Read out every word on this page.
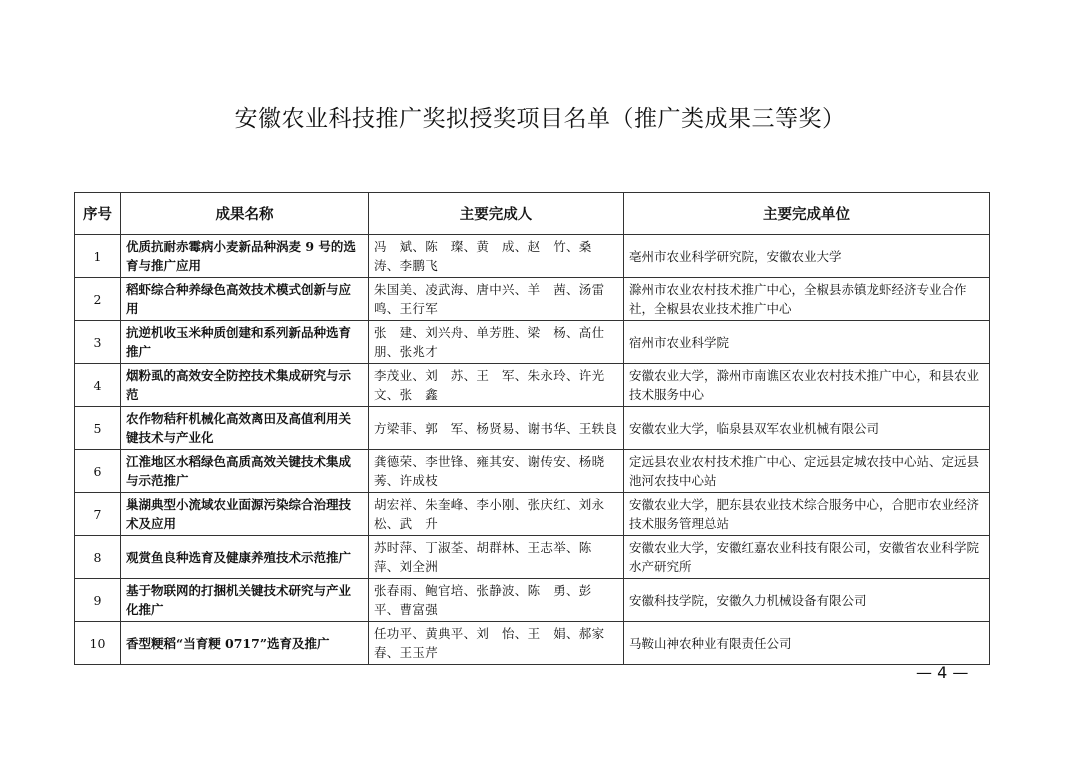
安徽农业科技推广奖拟授奖项目名单（推广类成果三等奖）
序号	成果名称	主要完成人	主要完成单位
1	优质抗耐赤霉病小麦新品种涡麦 9 号的选育与推广应用	冯　斌、陈　璨、黄　成、赵　竹、桑　涛、李鹏飞	亳州市农业科学研究院，安徽农业大学
2	稻虾综合种养绿色高效技术模式创新与应用	朱国美、凌武海、唐中兴、羊　茜、汤雷鸣、王行军	滁州市农业农村技术推广中心，全椒县赤镇龙虾经济专业合作社，全椒县农业技术推广中心
3	抗逆机收玉米种质创建和系列新品种选育推广	张　建、刘兴舟、单芳胜、梁　杨、高仕朋、张兆才	宿州市农业科学院
4	烟粉虱的高效安全防控技术集成研究与示范	李茂业、刘　苏、王　军、朱永玲、许光文、张　鑫	安徽农业大学，滁州市南谯区农业农村技术推广中心，和县农业技术服务中心
5	农作物秸秆机械化高效离田及高值利用关键技术与产业化	方梁菲、郭　军、杨贤易、谢书华、王轶良	安徽农业大学，临泉县双军农业机械有限公司
6	江淮地区水稻绿色高质高效关键技术集成与示范推广	龚德荣、李世锋、雍其安、谢传安、杨晓莠、许成枝	定远县农业农村技术推广中心、定远县定城农技中心站、定远县池河农技中心站
7	巢湖典型小流域农业面源污染综合治理技术及应用	胡宏祥、朱奎峰、李小刚、张庆红、刘永松、武　升	安徽农业大学，肥东县农业技术综合服务中心，合肥市农业经济技术服务管理总站
8	观赏鱼良种选育及健康养殖技术示范推广	苏时萍、丁淑荃、胡群林、王志举、陈　萍、刘全洲	安徽农业大学，安徽红嘉农业科技有限公司，安徽省农业科学院水产研究所
9	基于物联网的打捆机关键技术研究与产业化推广	张春雨、鲍官培、张静波、陈　勇、彭　平、曹富强	安徽科技学院，安徽久力机械设备有限公司
10	香型粳稻“当育粳 0717”选育及推广	任功平、黄典平、刘　怡、王　娟、郝家春、王玉芹	马鞍山神农种业有限责任公司
— 4 —
